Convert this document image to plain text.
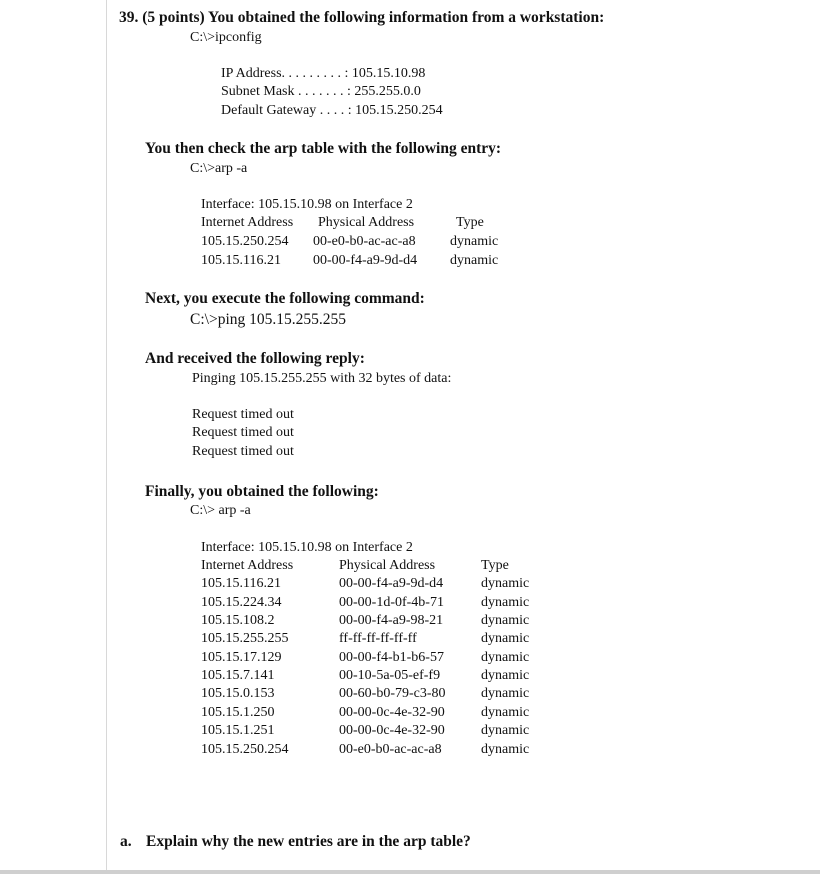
39. (5 points) You obtained the following information from a workstation:
C:\>ipconfig
IP Address. . . . . . . . . : 105.15.10.98
Subnet Mask . . . . . . . : 255.255.0.0
Default Gateway . . . . : 105.15.250.254
You then check the arp table with the following entry:
C:\>arp -a
Interface: 105.15.10.98 on Interface 2
Internet Address Physical Address	Type
105.15.250.254 00-e0-b0-ac-ac-a8 dynamic
105.15.116.21 00-00-f4-a9-9d-d4 dynamic
Next, you execute the following command:
C:\>ping 105.15.255.255
And received the following reply:
Pinging 105.15.255.255 with 32 bytes of data:
Request timed out
Request timed out
Request timed out
Finally, you obtained the following:
C:\> arp -a
Interface: 105.15.10.98 on Interface 2
Internet Address	Physical Address	Type
105.15.116.21	00-00-f4-a9-9d-d4	dynamic
105.15.224.34	00-00-1d-0f-4b-71	dynamic
105.15.108.2	00-00-f4-a9-98-21	dynamic
105.15.255.255	ff-ff-ff-ff-ff-ff	dynamic
105.15.17.129	00-00-f4-b1-b6-57	dynamic
105.15.7.141	00-10-5a-05-ef-f9	dynamic
105.15.0.153	00-60-b0-79-c3-80	dynamic
105.15.1.250	00-00-0c-4e-32-90	dynamic
105.15.1.251	00-00-0c-4e-32-90	dynamic
105.15.250.254	00-e0-b0-ac-ac-a8	dynamic
a. Explain why the new entries are in the arp table?
